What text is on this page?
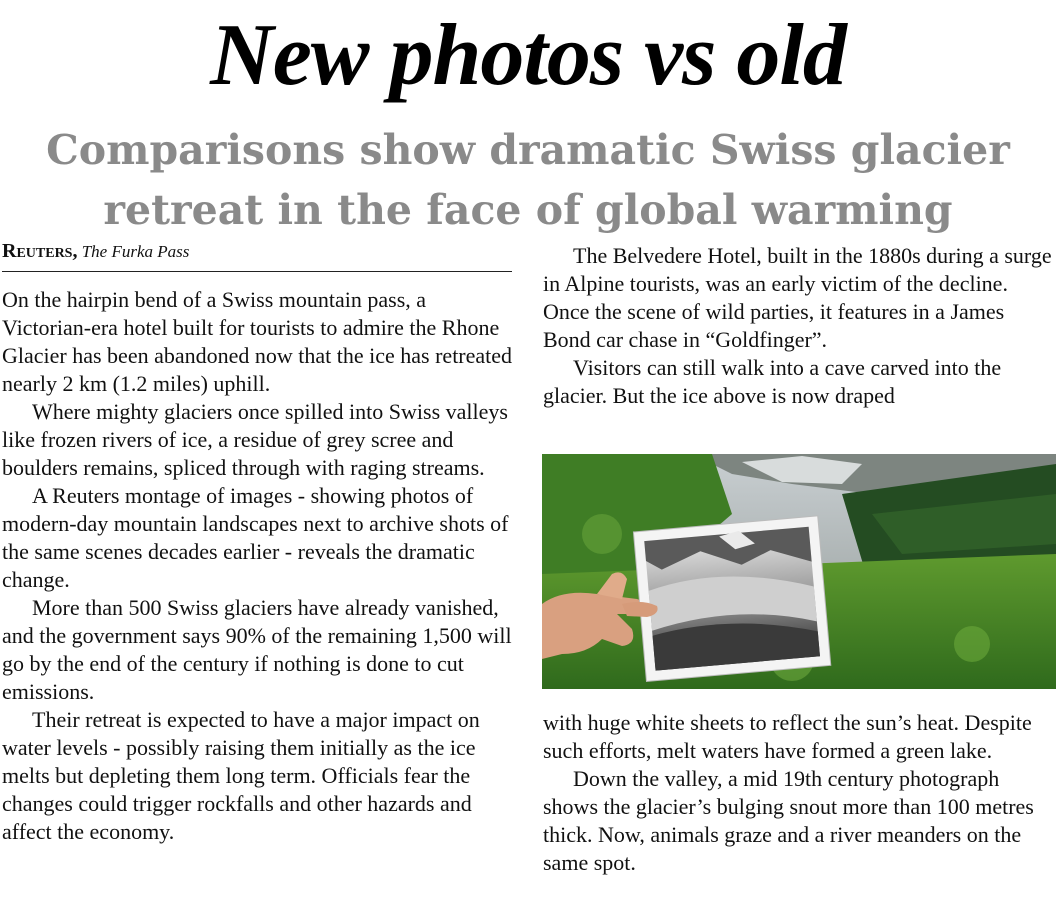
New photos vs old
Comparisons show dramatic Swiss glacier
retreat in the face of global warming
Reuters, The Furka Pass

On the hairpin bend of a Swiss mountain pass, a Victorian-era hotel built for tourists to admire the Rhone Glacier has been abandoned now that the ice has retreated nearly 2 km (1.2 miles) uphill.

Where mighty glaciers once spilled into Swiss valleys like frozen rivers of ice, a residue of grey scree and boulders remains, spliced through with raging streams.

A Reuters montage of images - showing photos of modern-day mountain landscapes next to archive shots of the same scenes decades earlier - reveals the dramatic change.

More than 500 Swiss glaciers have already vanished, and the government says 90% of the remaining 1,500 will go by the end of the century if nothing is done to cut emissions.

Their retreat is expected to have a major impact on water levels - possibly raising them initially as the ice melts but depleting them long term. Officials fear the changes could trigger rockfalls and other hazards and affect the economy.

The Belvedere Hotel, built in the 1880s during a surge in Alpine tourists, was an early victim of the decline. Once the scene of wild parties, it features in a James Bond car chase in “Goldfinger”.

Visitors can still walk into a cave carved into the glacier. But the ice above is now draped

with huge white sheets to reflect the sun’s heat. Despite such efforts, melt waters have formed a green lake.

Down the valley, a mid 19th century photograph shows the glacier’s bulging snout more than 100 metres thick. Now, animals graze and a river meanders on the same spot.
